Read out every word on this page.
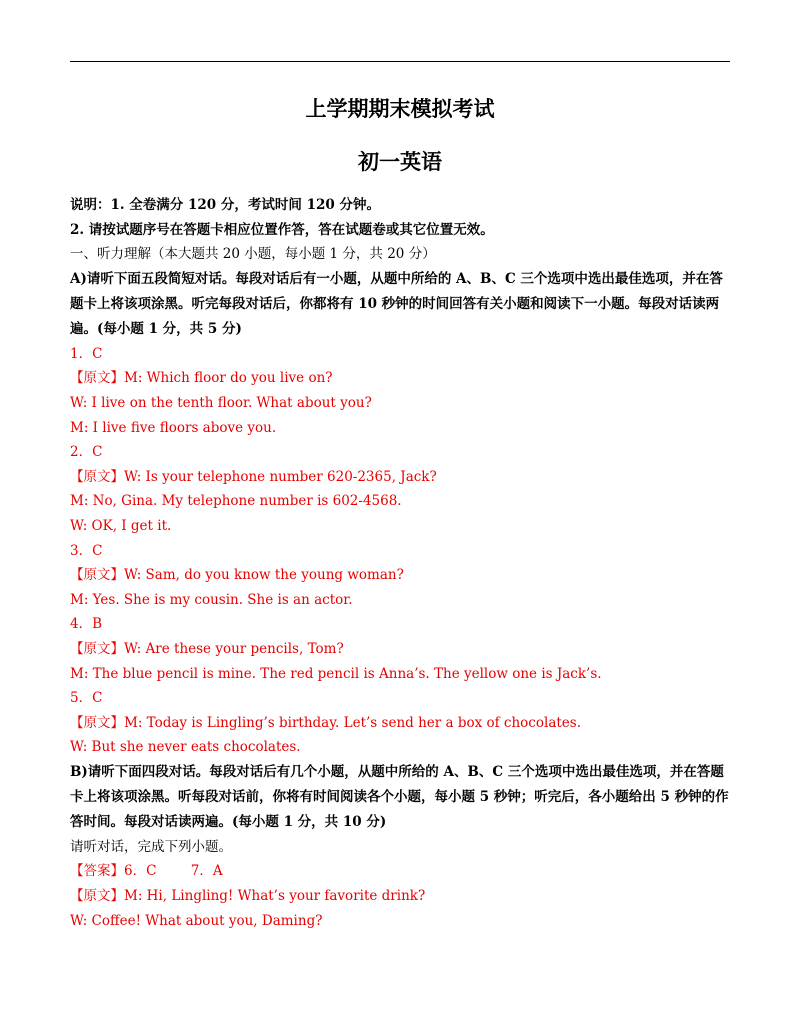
上学期期末模拟考试
初一英语
说明：1. 全卷满分 120 分，考试时间 120 分钟。
2. 请按试题序号在答题卡相应位置作答，答在试题卷或其它位置无效。
一、听力理解（本大题共 20 小题，每小题 1 分，共 20 分）
A)请听下面五段简短对话。每段对话后有一小题，从题中所给的 A、B、C 三个选项中选出最佳选项，并在答
题卡上将该项涂黑。听完每段对话后，你都将有 10 秒钟的时间回答有关小题和阅读下一小题。每段对话读两
遍。(每小题 1 分，共 5 分)
1．C
【原文】M: Which floor do you live on?
W: I live on the tenth floor. What about you?
M: I live five floors above you.
2．C
【原文】W: Is your telephone number 620-2365, Jack?
M: No, Gina. My telephone number is 602-4568.
W: OK, I get it.
3．C
【原文】W: Sam, do you know the young woman?
M: Yes. She is my cousin. She is an actor.
4．B
【原文】W: Are these your pencils, Tom?
M: The blue pencil is mine. The red pencil is Anna’s. The yellow one is Jack’s.
5．C
【原文】M: Today is Lingling’s birthday. Let’s send her a box of chocolates.
W: But she never eats chocolates.
B)请听下面四段对话。每段对话后有几个小题，从题中所给的 A、B、C 三个选项中选出最佳选项，并在答题
卡上将该项涂黑。听每段对话前，你将有时间阅读各个小题，每小题 5 秒钟；听完后，各小题给出 5 秒钟的作
答时间。每段对话读两遍。(每小题 1 分，共 10 分)
请听对话，完成下列小题。
【答案】6．C        7．A
【原文】M: Hi, Lingling! What’s your favorite drink?
W: Coffee! What about you, Daming?
